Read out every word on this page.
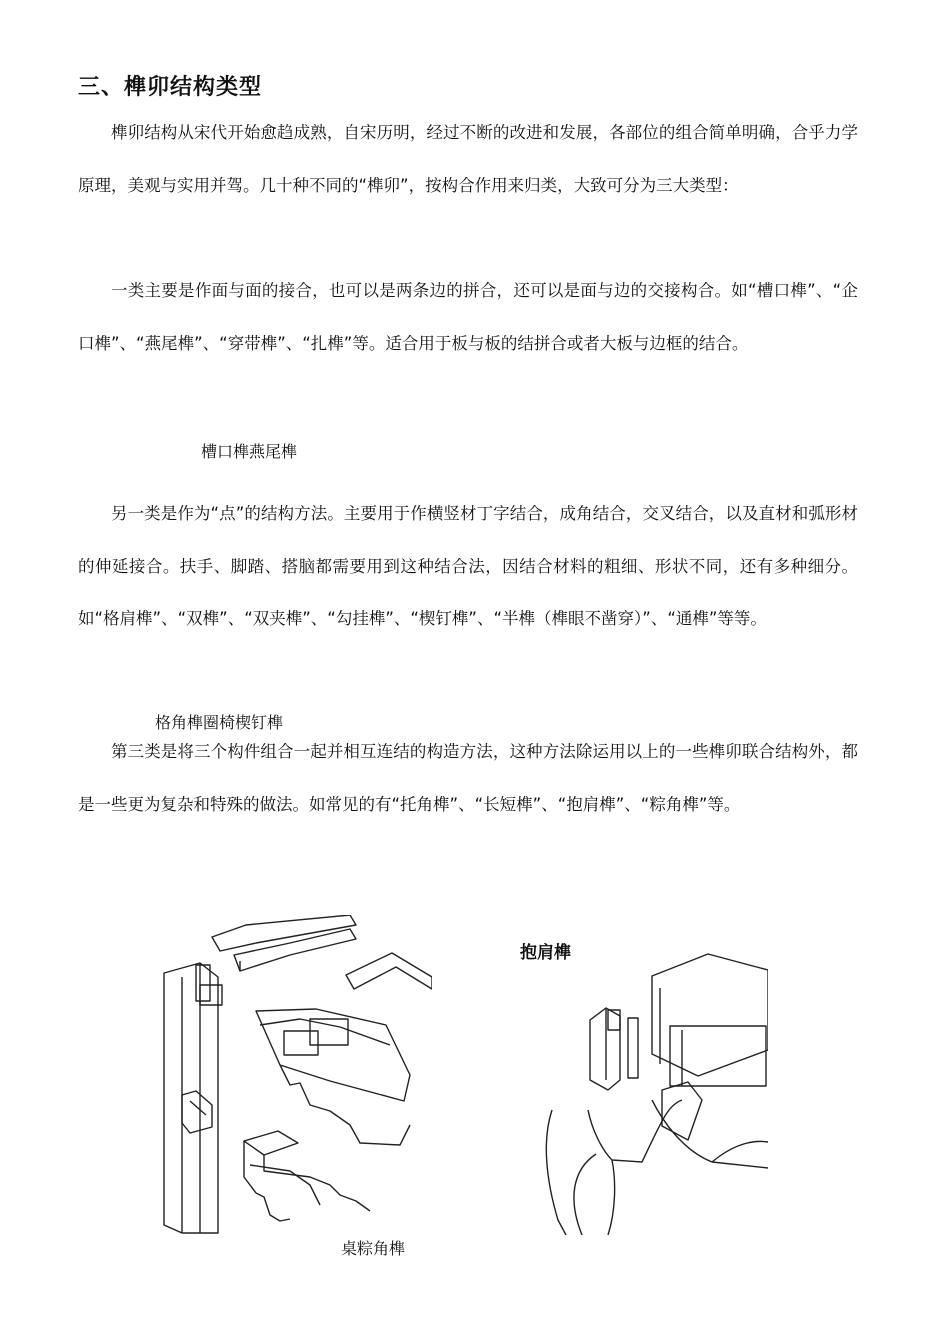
三、榫卯结构类型

榫卯结构从宋代开始愈趋成熟，自宋历明，经过不断的改进和发展，各部位的组合简单明确，合乎力学原理，美观与实用并驾。几十种不同的“榫卯”，按构合作用来归类，大致可分为三大类型：

一类主要是作面与面的接合，也可以是两条边的拼合，还可以是面与边的交接构合。如“槽口榫”、“企口榫”、“燕尾榫”、“穿带榫”、“扎榫”等。适合用于板与板的结拼合或者大板与边框的结合。

槽口榫燕尾榫

另一类是作为“点”的结构方法。主要用于作横竖材丁字结合，成角结合，交叉结合，以及直材和弧形材的伸延接合。扶手、脚踏、搭脑都需要用到这种结合法，因结合材料的粗细、形状不同，还有多种细分。如“格肩榫”、“双榫”、“双夹榫”、“勾挂榫”、“楔钉榫”、“半榫（榫眼不凿穿）”、“通榫”等等。

格角榫圈椅楔钉榫

第三类是将三个构件组合一起并相互连结的构造方法，这种方法除运用以上的一些榫卯联合结构外，都是一些更为复杂和特殊的做法。如常见的有“托角榫”、“长短榫”、“抱肩榫”、“粽角榫”等。

抱肩榫
桌粽角榫
